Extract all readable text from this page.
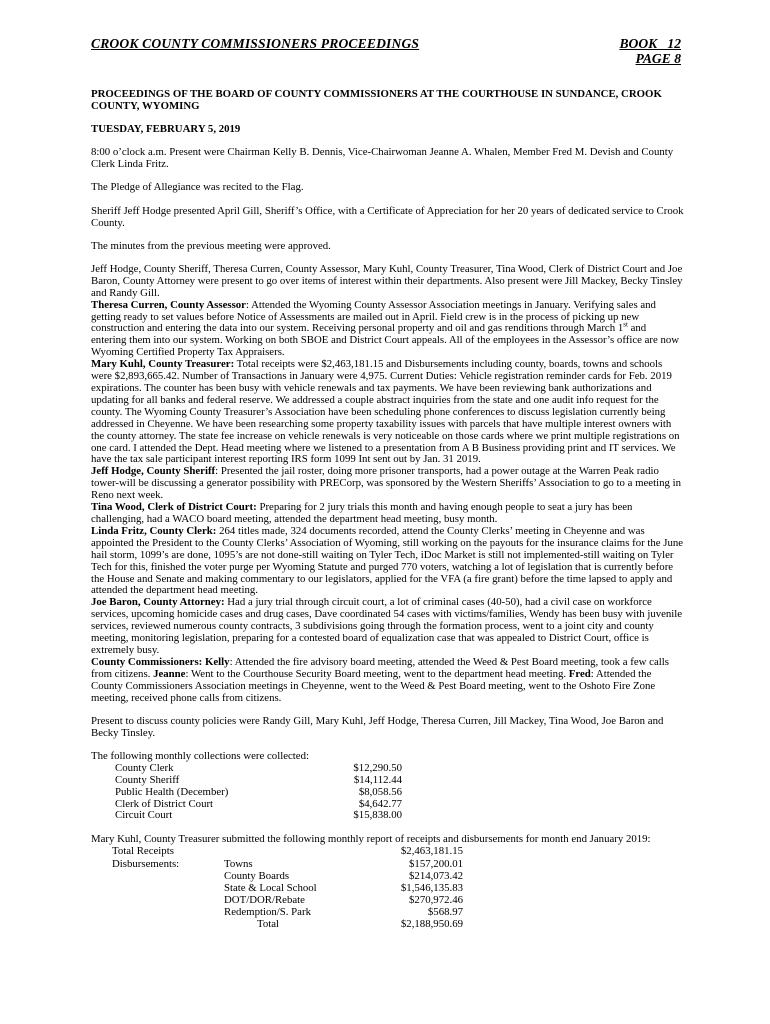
CROOK COUNTY COMMISSIONERS PROCEEDINGS	BOOK   12
PAGE 8

PROCEEDINGS OF THE BOARD OF COUNTY COMMISSIONERS AT THE COURTHOUSE IN SUNDANCE, CROOK COUNTY, WYOMING

TUESDAY, FEBRUARY 5, 2019

8:00 o’clock a.m. Present were Chairman Kelly B. Dennis, Vice-Chairwoman Jeanne A. Whalen, Member Fred M. Devish and County Clerk Linda Fritz.

The Pledge of Allegiance was recited to the Flag.

Sheriff Jeff Hodge presented April Gill, Sheriff’s Office, with a Certificate of Appreciation for her 20 years of dedicated service to Crook County.

The minutes from the previous meeting were approved.

Jeff Hodge, County Sheriff, Theresa Curren, County Assessor, Mary Kuhl, County Treasurer, Tina Wood, Clerk of District Court and Joe Baron, County Attorney were present to go over items of interest within their departments. Also present were Jill Mackey, Becky Tinsley and Randy Gill.

Theresa Curren, County Assessor: Attended the Wyoming County Assessor Association meetings in January. Verifying sales and getting ready to set values before Notice of Assessments are mailed out in April. Field crew is in the process of picking up new construction and entering the data into our system. Receiving personal property and oil and gas renditions through March 1st and entering them into our system. Working on both SBOE and District Court appeals. All of the employees in the Assessor’s office are now Wyoming Certified Property Tax Appraisers.

Mary Kuhl, County Treasurer: Total receipts were $2,463,181.15 and Disbursements including county, boards, towns and schools were $2,893,665.42. Number of Transactions in January were 4,975. Current Duties: Vehicle registration reminder cards for Feb. 2019 expirations. The counter has been busy with vehicle renewals and tax payments. We have been reviewing bank authorizations and updating for all banks and federal reserve. We addressed a couple abstract inquiries from the state and one audit info request for the county. The Wyoming County Treasurer’s Association have been scheduling phone conferences to discuss legislation currently being addressed in Cheyenne. We have been researching some property taxability issues with parcels that have multiple interest owners with the county attorney. The state fee increase on vehicle renewals is very noticeable on those cards where we print multiple registrations on one card. I attended the Dept. Head meeting where we listened to a presentation from A B Business providing print and IT services. We have the tax sale participant interest reporting IRS form 1099 Int sent out by Jan. 31 2019.

Jeff Hodge, County Sheriff: Presented the jail roster, doing more prisoner transports, had a power outage at the Warren Peak radio tower-will be discussing a generator possibility with PRECorp, was sponsored by the Western Sheriffs’ Association to go to a meeting in Reno next week.

Tina Wood, Clerk of District Court: Preparing for 2 jury trials this month and having enough people to seat a jury has been challenging, had a WACO board meeting, attended the department head meeting, busy month.

Linda Fritz, County Clerk: 264 titles made, 324 documents recorded, attend the County Clerks’ meeting in Cheyenne and was appointed the President to the County Clerks’ Association of Wyoming, still working on the payouts for the insurance claims for the June hail storm, 1099’s are done, 1095’s are not done-still waiting on Tyler Tech, iDoc Market is still not implemented-still waiting on Tyler Tech for this, finished the voter purge per Wyoming Statute and purged 770 voters, watching a lot of legislation that is currently before the House and Senate and making commentary to our legislators, applied for the VFA (a fire grant) before the time lapsed to apply and attended the department head meeting.

Joe Baron, County Attorney: Had a jury trial through circuit court, a lot of criminal cases (40-50), had a civil case on workforce services, upcoming homicide cases and drug cases, Dave coordinated 54 cases with victims/families, Wendy has been busy with juvenile services, reviewed numerous county contracts, 3 subdivisions going through the formation process, went to a joint city and county meeting, monitoring legislation, preparing for a contested board of equalization case that was appealed to District Court, office is extremely busy.

County Commissioners: Kelly: Attended the fire advisory board meeting, attended the Weed & Pest Board meeting, took a few calls from citizens. Jeanne: Went to the Courthouse Security Board meeting, went to the department head meeting. Fred: Attended the County Commissioners Association meetings in Cheyenne, went to the Weed & Pest Board meeting, went to the Oshoto Fire Zone meeting, received phone calls from citizens.

Present to discuss county policies were Randy Gill, Mary Kuhl, Jeff Hodge, Theresa Curren, Jill Mackey, Tina Wood, Joe Baron and Becky Tinsley.

The following monthly collections were collected:

County Clerk	$12,290.50
County Sheriff	$14,112.44
Public Health (December)	$8,058.56
Clerk of District Court	$4,642.77
Circuit Court	$15,838.00

Mary Kuhl, County Treasurer submitted the following monthly report of receipts and disbursements for month end January 2019:

Total Receipts		$2,463,181.15

Disbursements:	Towns	$157,200.01
	County Boards	$214,073.42
	State & Local School	$1,546,135.83
	DOT/DOR/Rebate	$270,972.46
	Redemption/S. Park	$568.97
	Total	$2,188,950.69
